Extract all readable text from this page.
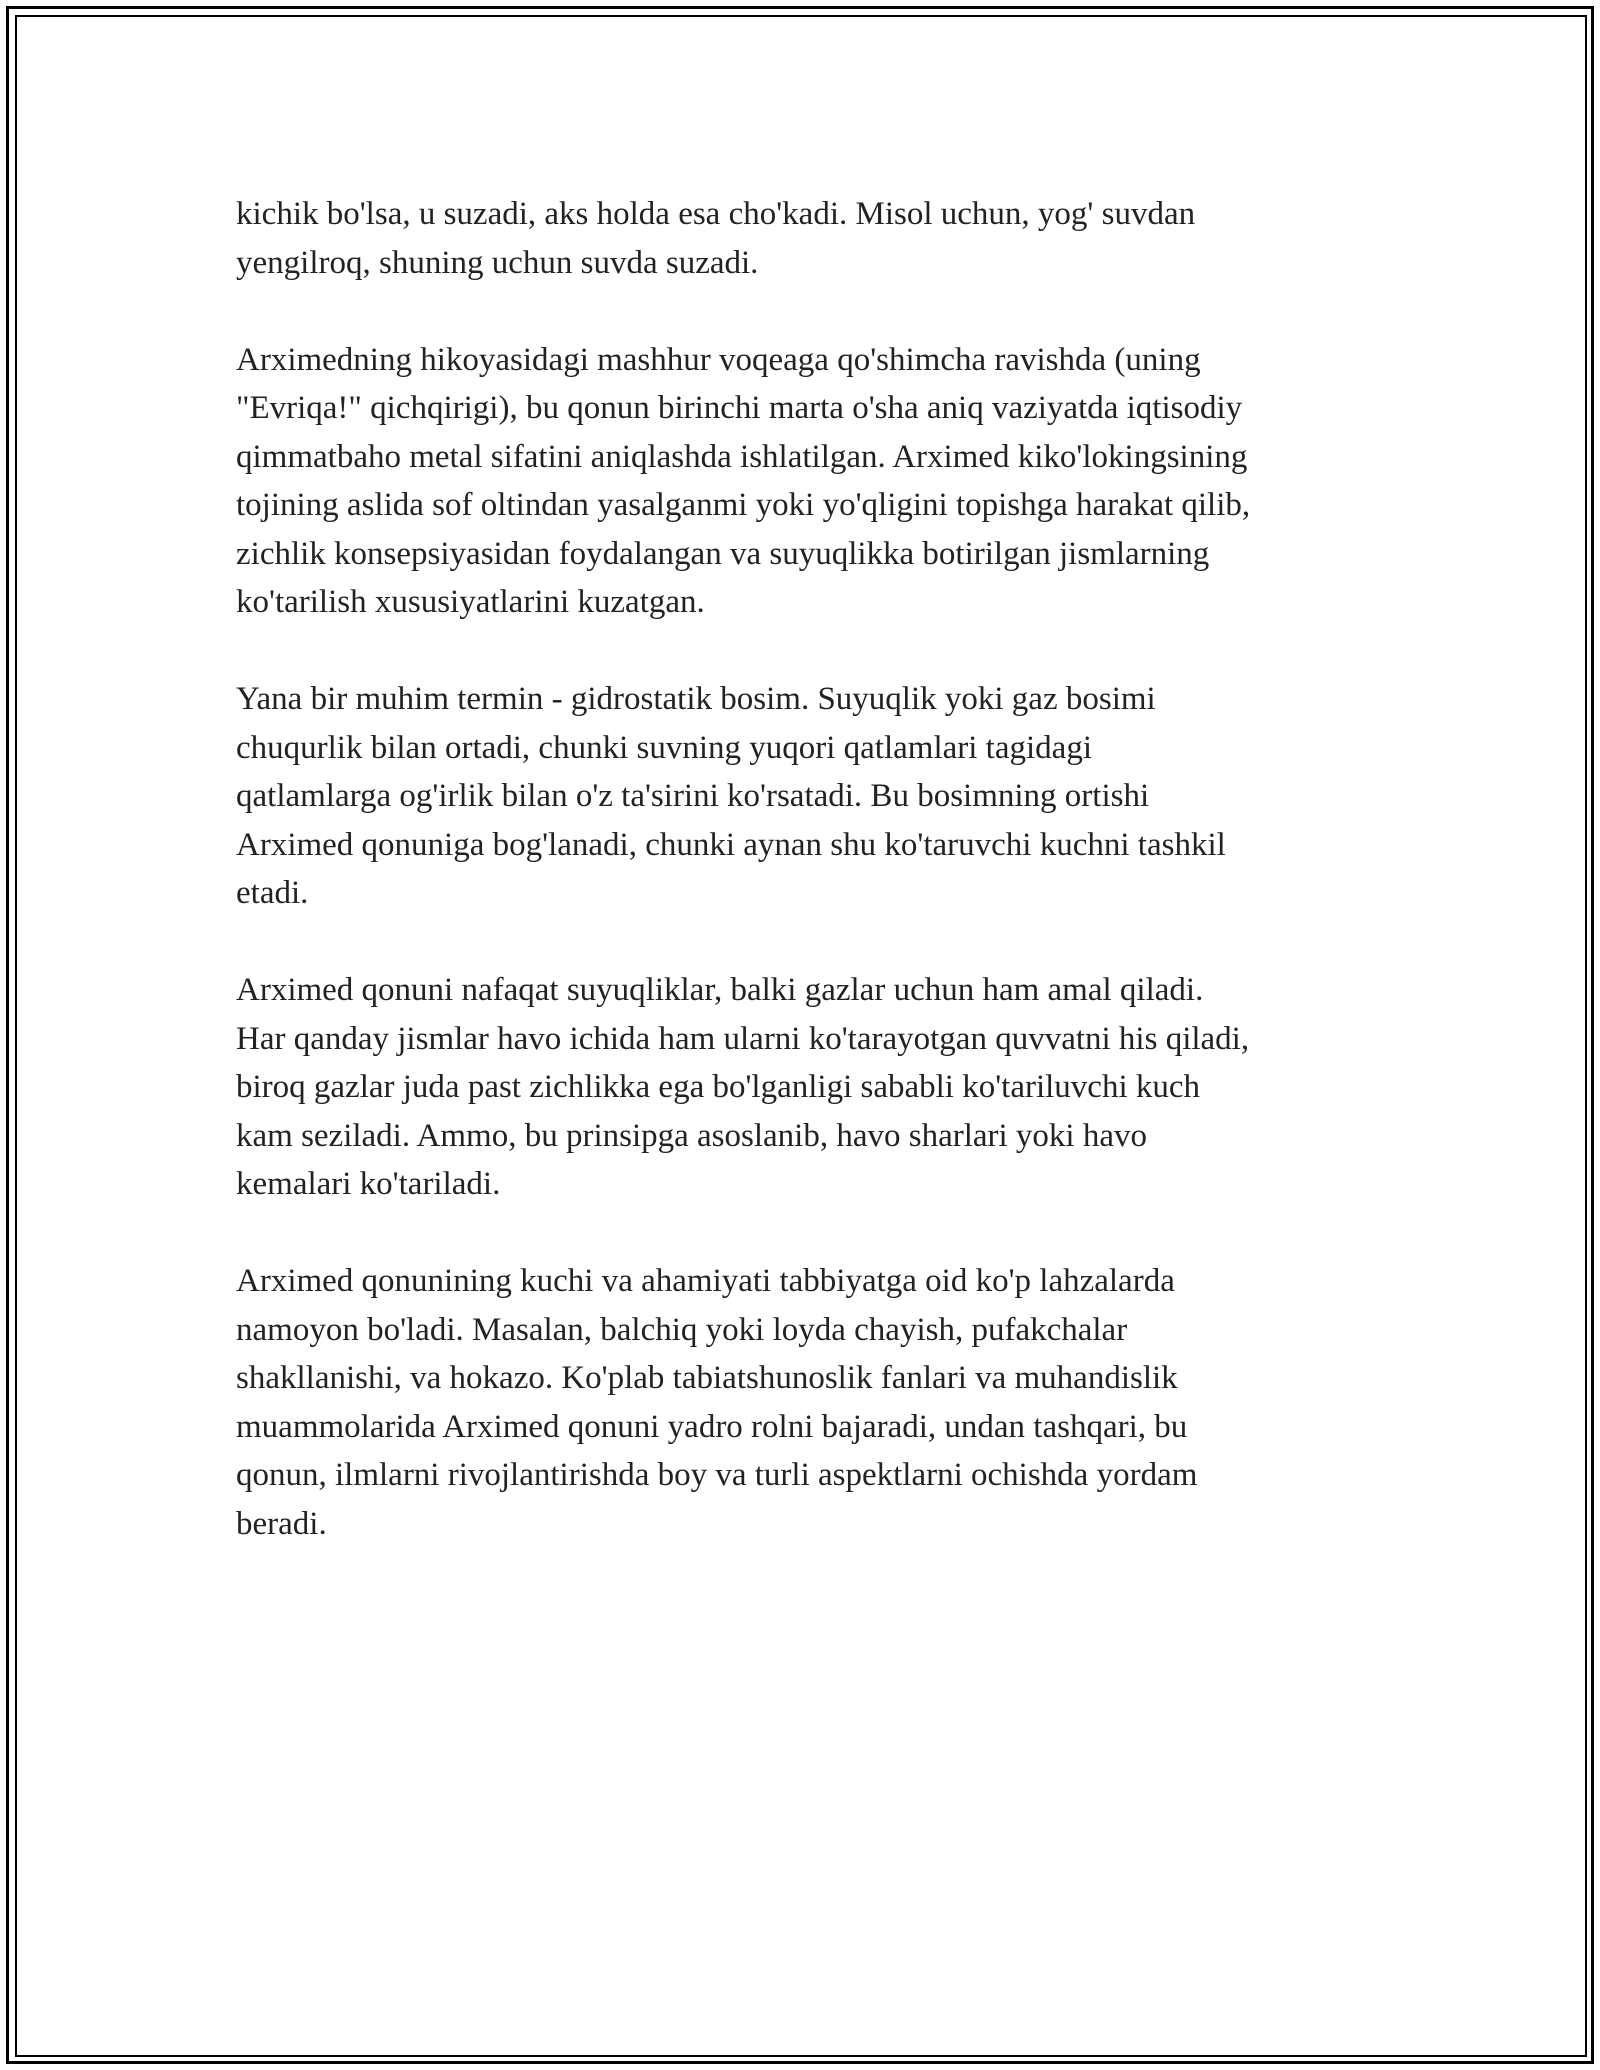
kichik bo'lsa, u suzadi, aks holda esa cho'kadi. Misol uchun, yog' suvdan
yengilroq, shuning uchun suvda suzadi.

Arximedning hikoyasidagi mashhur voqeaga qo'shimcha ravishda (uning
"Evriqa!" qichqirigi), bu qonun birinchi marta o'sha aniq vaziyatda iqtisodiy
qimmatbaho metal sifatini aniqlashda ishlatilgan. Arximed kiko'lokingsining
tojining aslida sof oltindan yasalganmi yoki yo'qligini topishga harakat qilib,
zichlik konsepsiyasidan foydalangan va suyuqlikka botirilgan jismlarning
ko'tarilish xususiyatlarini kuzatgan.

Yana bir muhim termin - gidrostatik bosim. Suyuqlik yoki gaz bosimi
chuqurlik bilan ortadi, chunki suvning yuqori qatlamlari tagidagi
qatlamlarga og'irlik bilan o'z ta'sirini ko'rsatadi. Bu bosimning ortishi
Arximed qonuniga bog'lanadi, chunki aynan shu ko'taruvchi kuchni tashkil
etadi.

Arximed qonuni nafaqat suyuqliklar, balki gazlar uchun ham amal qiladi.
Har qanday jismlar havo ichida ham ularni ko'tarayotgan quvvatni his qiladi,
biroq gazlar juda past zichlikka ega bo'lganligi sababli ko'tariluvchi kuch
kam seziladi. Ammo, bu prinsipga asoslanib, havo sharlari yoki havo
kemalari ko'tariladi.

Arximed qonunining kuchi va ahamiyati tabbiyatga oid ko'p lahzalarda
namoyon bo'ladi. Masalan, balchiq yoki loyda chayish, pufakchalar
shakllanishi, va hokazo. Ko'plab tabiatshunoslik fanlari va muhandislik
muammolarida Arximed qonuni yadro rolni bajaradi, undan tashqari, bu
qonun, ilmlarni rivojlantirishda boy va turli aspektlarni ochishda yordam
beradi.
